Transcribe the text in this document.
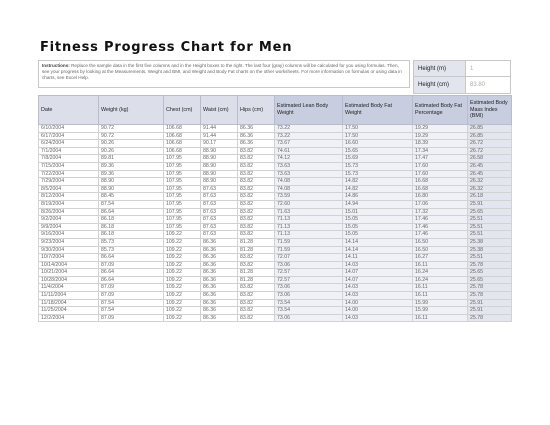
Fitness Progress Chart for Men
Instructions: Replace the sample data in the first five columns and in the Height boxes to the right. The last four (gray) columns will be calculated for you using formulas. Then, see your progress by looking at the Measurements, Weight and BMI, and Weight and Body Fat charts on the other worksheets. For more information on formulas or using data in charts, see Excel Help.
Height (m)	1
Height (cm)	83.80
Date	Weight (kg)	Chest (cm)	Waist (cm)	Hips (cm)	Estimated Lean Body Weight	Estimated Body Fat Weight	Estimated Body Fat Percentage	Estimated Body Mass Index (BMI)
6/10/2004	90.72	106.68	91.44	86.36	73.22	17.50	19.29	26.85
6/17/2004	90.72	106.68	91.44	86.36	73.22	17.50	19.29	26.85
6/24/2004	90.26	106.68	90.17	86.36	73.67	16.60	18.39	26.72
7/1/2004	90.26	106.68	88.90	83.82	74.61	15.65	17.34	26.72
7/8/2004	89.81	107.95	88.90	83.82	74.12	15.69	17.47	26.58
7/15/2004	89.36	107.95	88.90	83.82	73.63	15.73	17.60	26.45
7/22/2004	89.36	107.95	88.90	83.82	73.63	15.73	17.60	26.45
7/29/2004	88.90	107.95	88.90	83.82	74.08	14.82	16.68	26.32
8/5/2004	88.90	107.95	87.63	83.82	74.08	14.82	16.68	26.32
8/12/2004	88.45	107.95	87.63	83.82	73.59	14.86	16.80	26.18
8/19/2004	87.54	107.95	87.63	83.82	72.60	14.94	17.06	25.91
8/26/2004	86.64	107.95	87.63	83.82	71.63	15.01	17.32	25.65
9/2/2004	86.18	107.95	87.63	83.82	71.13	15.05	17.46	25.51
9/9/2004	86.18	107.95	87.63	83.82	71.13	15.05	17.46	25.51
9/16/2004	86.18	109.22	87.63	83.82	71.13	15.05	17.46	25.51
9/23/2004	85.73	109.22	86.36	81.28	71.59	14.14	16.50	25.38
9/30/2004	85.73	109.22	86.36	81.28	71.59	14.14	16.50	25.38
10/7/2004	86.64	109.22	86.36	83.82	72.07	14.11	16.27	25.51
10/14/2004	87.09	109.22	86.36	83.82	73.06	14.03	16.11	25.78
10/21/2004	86.64	109.22	86.36	81.28	72.57	14.07	16.24	25.65
10/28/2004	86.64	109.22	86.36	81.28	72.57	14.07	16.24	25.65
11/4/2004	87.09	109.22	86.36	83.82	73.06	14.03	16.11	25.78
11/11/2004	87.09	109.22	86.36	83.82	73.06	14.03	16.11	25.78
11/18/2004	87.54	109.22	86.36	83.82	73.54	14.00	15.99	25.91
11/25/2004	87.54	109.22	86.36	83.82	73.54	14.00	15.99	25.91
12/2/2004	87.09	109.22	86.36	83.82	73.06	14.03	16.11	25.78
